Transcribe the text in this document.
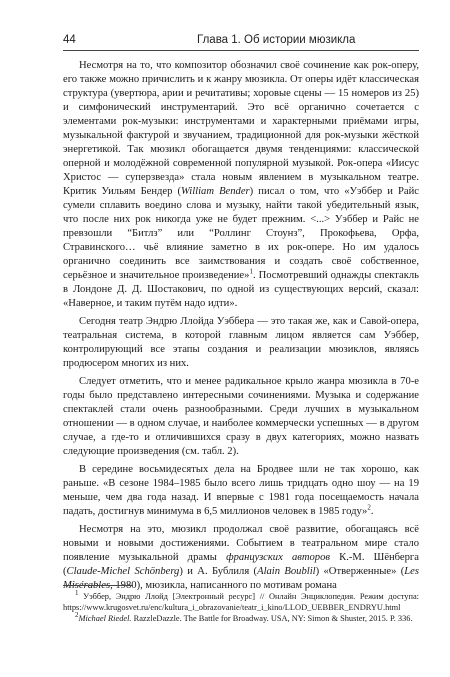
44	Глава 1. Об истории мюзикла

Несмотря на то, что композитор обозначил своё сочинение как рок-оперу, его также можно причислить и к жанру мюзикла. От оперы идёт классическая структура (увертюра, арии и речитативы; хоровые сцены — 15 номеров из 25) и симфонический инструментарий. Это всё органично сочетается с элементами рок-музыки: инструментами и характерными приёмами игры, музыкальной фактурой и звучанием, традиционной для рок-музыки жёсткой энергетикой. Так мюзикл обогащается двумя тенденциями: классической оперной и молодёжной современной популярной музыкой. Рок-опера «Иисус Христос — суперзвезда» стала новым явлением в музыкальном театре. Критик Уильям Бендер (William Bender) писал о том, что «Уэббер и Райс сумели сплавить воедино слова и музыку, найти такой убедительный язык, что после них рок никогда уже не будет прежним. <...> Уэббер и Райс не превзошли “Битлз” или “Роллинг Стоунз”, Прокофьева, Орфа, Стравинского… чьё влияние заметно в их рок-опере. Но им удалось органично соединить все заимствования и создать своё собственное, серьёзное и значительное произведение»$^1$. Посмотревший однажды спектакль в Лондоне Д. Д. Шостакович, по одной из существующих версий, сказал: «Наверное, и таким путём надо идти».

Сегодня театр Эндрю Ллойда Уэббера — это такая же, как и Савой-опера, театральная система, в которой главным лицом является сам Уэббер, контролирующий все этапы создания и реализации мюзиклов, являясь продюсером многих из них.

Следует отметить, что и менее радикальное крыло жанра мюзикла в 70-е годы было представлено интересными сочинениями. Музыка и содержание спектаклей стали очень разнообразными. Среди лучших в музыкальном отношении — в одном случае, и наиболее коммерчески успешных — в другом случае, а где-то и отличившихся сразу в двух категориях, можно назвать следующие произведения (см. табл. 2).

В середине восьмидесятых дела на Бродвее шли не так хорошо, как раньше. «В сезоне 1984–1985 было всего лишь тридцать одно шоу — на 19 меньше, чем два года назад. И впервые с 1981 года посещаемость начала падать, достигнув минимума в 6,5 миллионов человек в 1985 году»$^2$.

Несмотря на это, мюзикл продолжал своё развитие, обогащаясь всё новыми и новыми достижениями. Событием в театральном мире стало появление музыкальной драмы французских авторов К.-М. Шёнберга (Claude-Michel Schönberg) и А. Бублиля (Alain Boublil) «Отверженные» (Les Misérables, 1980), мюзикла, написанного по мотивам романа

$^1$ Уэббер, Эндрю Ллойд [Электронный ресурс] // Онлайн Энциклопедия. Режим доступа: https://www.krugosvet.ru/enc/kultura_i_obrazovanie/teatr_i_kino/LLOD_UEBBER_ENDRYU.html

$^2$Michael Riedel. RazzleDazzle. The Battle for Broadway. USA, NY: Simon & Shuster, 2015. P. 336.
